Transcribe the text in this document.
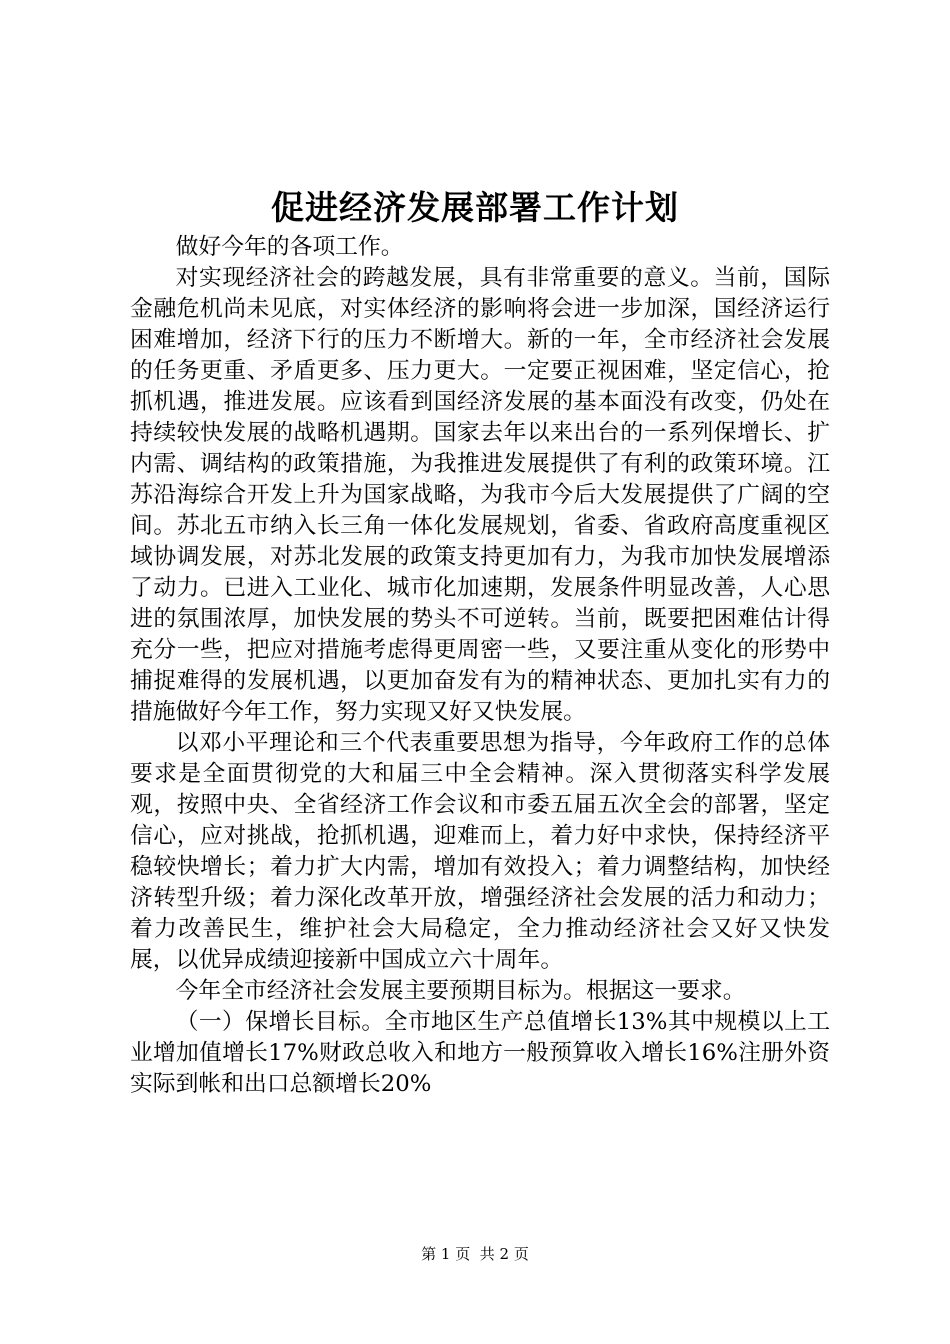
促进经济发展部署工作计划

做好今年的各项工作。

对实现经济社会的跨越发展，具有非常重要的意义。当前，国际金融危机尚未见底，对实体经济的影响将会进一步加深，国经济运行困难增加，经济下行的压力不断增大。新的一年，全市经济社会发展的任务更重、矛盾更多、压力更大。一定要正视困难，坚定信心，抢抓机遇，推进发展。应该看到国经济发展的基本面没有改变，仍处在持续较快发展的战略机遇期。国家去年以来出台的一系列保增长、扩内需、调结构的政策措施，为我推进发展提供了有利的政策环境。江苏沿海综合开发上升为国家战略，为我市今后大发展提供了广阔的空间。苏北五市纳入长三角一体化发展规划，省委、省政府高度重视区域协调发展，对苏北发展的政策支持更加有力，为我市加快发展增添了动力。已进入工业化、城市化加速期，发展条件明显改善，人心思进的氛围浓厚，加快发展的势头不可逆转。当前，既要把困难估计得充分一些，把应对措施考虑得更周密一些，又要注重从变化的形势中捕捉难得的发展机遇，以更加奋发有为的精神状态、更加扎实有力的措施做好今年工作，努力实现又好又快发展。

以邓小平理论和三个代表重要思想为指导，今年政府工作的总体要求是全面贯彻党的大和届三中全会精神。深入贯彻落实科学发展观，按照中央、全省经济工作会议和市委五届五次全会的部署，坚定信心，应对挑战，抢抓机遇，迎难而上，着力好中求快，保持经济平稳较快增长；着力扩大内需，增加有效投入；着力调整结构，加快经济转型升级；着力深化改革开放，增强经济社会发展的活力和动力；着力改善民生，维护社会大局稳定，全力推动经济社会又好又快发展，以优异成绩迎接新中国成立六十周年。

今年全市经济社会发展主要预期目标为。根据这一要求。

（一）保增长目标。全市地区生产总值增长13%其中规模以上工业增加值增长17%财政总收入和地方一般预算收入增长16%注册外资实际到帐和出口总额增长20%

第 1 页  共 2 页
